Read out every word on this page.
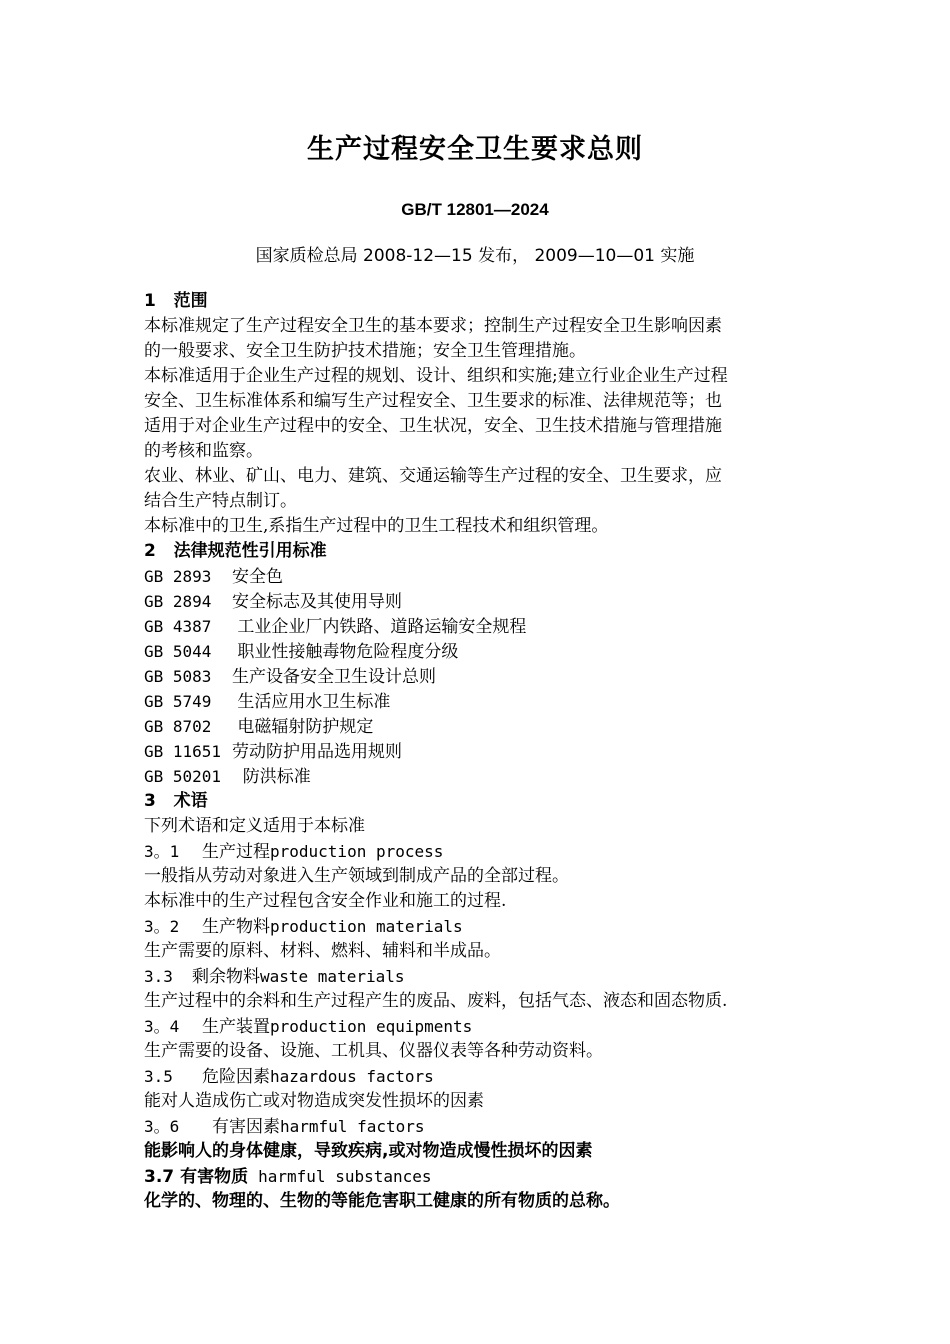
生产过程安全卫生要求总则
GB/T 12801—2024
国家质检总局 2008-12—15 发布， 2009—10—01 实施
1   范围
本标准规定了生产过程安全卫生的基本要求；控制生产过程安全卫生影响因素
的一般要求、安全卫生防护技术措施；安全卫生管理措施。
本标准适用于企业生产过程的规划、设计、组织和实施;建立行业企业生产过程
安全、卫生标准体系和编写生产过程安全、卫生要求的标准、法律规范等；也
适用于对企业生产过程中的安全、卫生状况，安全、卫生技术措施与管理措施
的考核和监察。
农业、林业、矿山、电力、建筑、交通运输等生产过程的安全、卫生要求，应
结合生产特点制订。
本标准中的卫生,系指生产过程中的卫生工程技术和组织管理。
2   法律规范性引用标准
GB 2893 安全色
GB 2894 安全标志及其使用导则
GB 4387 工业企业厂内铁路、道路运输安全规程
GB 5044 职业性接触毒物危险程度分级
GB 5083 生产设备安全卫生设计总则
GB 5749 生活应用水卫生标准
GB 8702 电磁辐射防护规定
GB 11651 劳动防护用品选用规则
GB 50201  防洪标准
3   术语
下列术语和定义适用于本标准
3。1 生产过程production process
一般指从劳动对象进入生产领域到制成产品的全部过程。
本标准中的生产过程包含安全作业和施工的过程.
3。2 生产物料production materials
生产需要的原料、材料、燃料、辅料和半成品。
3.3 剩余物料waste materials
生产过程中的余料和生产过程产生的废品、废料，包括气态、液态和固态物质.
3。4 生产装置production equipments
生产需要的设备、设施、工机具、仪器仪表等各种劳动资料。
3.5 危险因素hazardous factors
能对人造成伤亡或对物造成突发性损坏的因素
3。6 有害因素harmful factors
能影响人的身体健康，导致疾病,或对物造成慢性损坏的因素
3.7 有害物质 harmful substances
化学的、物理的、生物的等能危害职工健康的所有物质的总称。
